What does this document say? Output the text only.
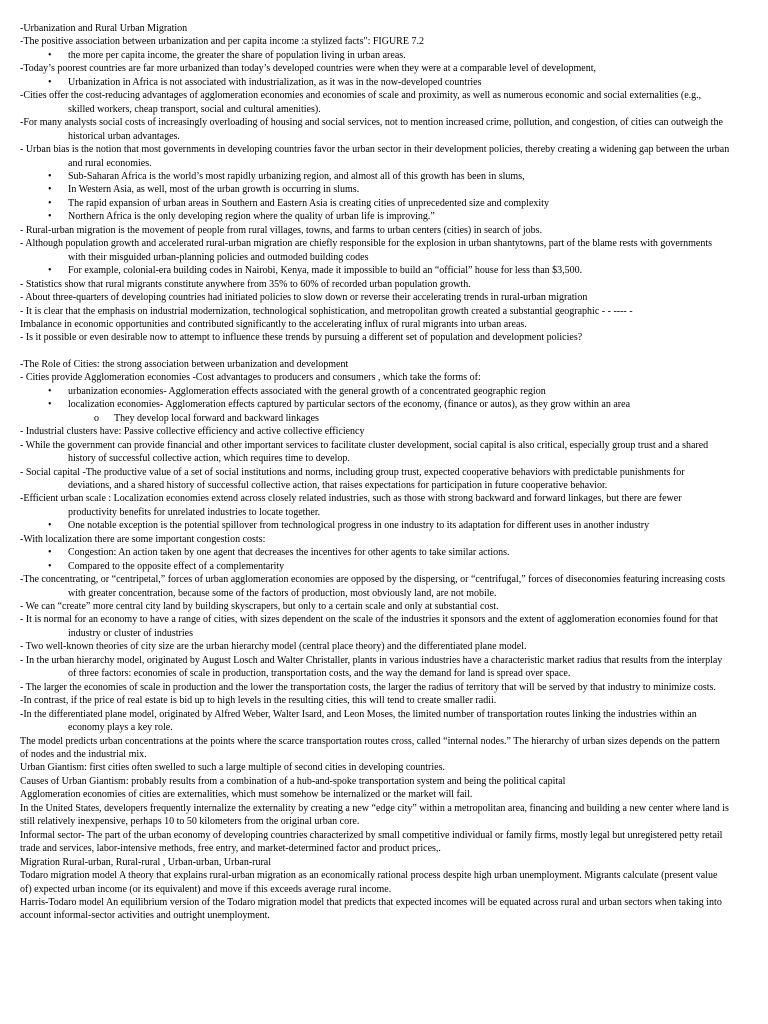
-Urbanization and Rural Urban Migration
-The positive association between urbanization and per capita income :a stylized facts": FIGURE 7.2
• the more per capita income, the greater the share of population living in urban areas.
-Today’s poorest countries are far more urbanized than today’s developed countries were when they were at a comparable level of development,
• Urbanization in Africa is not associated with industrialization, as it was in the now-developed countries
-Cities offer the cost-reducing advantages of agglomeration economies and economies of scale and proximity, as well as numerous economic and social externalities (e.g., skilled workers, cheap transport, social and cultural amenities).
-For many analysts social costs of increasingly overloading of housing and social services, not to mention increased crime, pollution, and congestion, of cities can outweigh the historical urban advantages.
- Urban bias is the notion that most governments in developing countries favor the urban sector in their development policies, thereby creating a widening gap between the urban and rural economies.
• Sub-Saharan Africa is the world’s most rapidly urbanizing region, and almost all of this growth has been in slums,
• In Western Asia, as well, most of the urban growth is occurring in slums.
• The rapid expansion of urban areas in Southern and Eastern Asia is creating cities of unprecedented size and complexity
• Northern Africa is the only developing region where the quality of urban life is improving.”
- Rural-urban migration is the movement of people from rural villages, towns, and farms to urban centers (cities) in search of jobs.
- Although population growth and accelerated rural-urban migration are chiefly responsible for the explosion in urban shantytowns, part of the blame rests with governments with their misguided urban-planning policies and outmoded building codes
• For example, colonial-era building codes in Nairobi, Kenya, made it impossible to build an “official” house for less than $3,500.
- Statistics show that rural migrants constitute anywhere from 35% to 60% of recorded urban population growth.
- About three-quarters of developing countries had initiated policies to slow down or reverse their accelerating trends in rural-urban migration
- It is clear that the emphasis on industrial modernization, technological sophistication, and metropolitan growth created a substantial geographic - - ---- -
Imbalance in economic opportunities and contributed significantly to the accelerating influx of rural migrants into urban areas.
- Is it possible or even desirable now to attempt to influence these trends by pursuing a different set of population and development policies?
-The Role of Cities: the strong association between urbanization and development
- Cities provide Agglomeration economies -Cost advantages to producers and consumers , which take the forms of:
• urbanization economies- Agglomeration effects associated with the general growth of a concentrated geographic region
• localization economies- Agglomeration effects captured by particular sectors of the economy, (finance or autos), as they grow within an area
o They develop local forward and backward linkages
- Industrial clusters have: Passive collective efficiency and active collective efficiency
- While the government can provide financial and other important services to facilitate cluster development, social capital is also critical, especially group trust and a shared history of successful collective action, which requires time to develop.
- Social capital -The productive value of a set of social institutions and norms, including group trust, expected cooperative behaviors with predictable punishments for deviations, and a shared history of successful collective action, that raises expectations for participation in future cooperative behavior.
-Efficient urban scale : Localization economies extend across closely related industries, such as those with strong backward and forward linkages, but there are fewer productivity benefits for unrelated industries to locate together.
• One notable exception is the potential spillover from technological progress in one industry to its adaptation for different uses in another industry
-With localization there are some important congestion costs:
• Congestion: An action taken by one agent that decreases the incentives for other agents to take similar actions.
• Compared to the opposite effect of a complementarity
-The concentrating, or “centripetal,” forces of urban agglomeration economies are opposed by the dispersing, or “centrifugal,” forces of diseconomies featuring increasing costs with greater concentration, because some of the factors of production, most obviously land, are not mobile.
- We can “create” more central city land by building skyscrapers, but only to a certain scale and only at substantial cost.
- It is normal for an economy to have a range of cities, with sizes dependent on the scale of the industries it sponsors and the extent of agglomeration economies found for that industry or cluster of industries
- Two well-known theories of city size are the urban hierarchy model (central place theory) and the differentiated plane model.
- In the urban hierarchy model, originated by August Losch and Walter Christaller, plants in various industries have a characteristic market radius that results from the interplay of three factors: economies of scale in production, transportation costs, and the way the demand for land is spread over space.
- The larger the economies of scale in production and the lower the transportation costs, the larger the radius of territory that will be served by that industry to minimize costs.
-In contrast, if the price of real estate is bid up to high levels in the resulting cities, this will tend to create smaller radii.
-In the differentiated plane model, originated by Alfred Weber, Walter Isard, and Leon Moses, the limited number of transportation routes linking the industries within an economy plays a key role.
The model predicts urban concentrations at the points where the scarce transportation routes cross, called “internal nodes.” The hierarchy of urban sizes depends on the pattern of nodes and the industrial mix.
Urban Giantism: first cities often swelled to such a large multiple of second cities in developing countries.
Causes of Urban Giantism: probably results from a combination of a hub-and-spoke transportation system and being the political capital
Agglomeration economies of cities are externalities, which must somehow be internalized or the market will fail.
In the United States, developers frequently internalize the externality by creating a new “edge city” within a metropolitan area, financing and building a new center where land is still relatively inexpensive, perhaps 10 to 50 kilometers from the original urban core.
Informal sector- The part of the urban economy of developing countries characterized by small competitive individual or family firms, mostly legal but unregistered petty retail trade and services, labor-intensive methods, free entry, and market-determined factor and product prices,.
Migration Rural-urban, Rural-rural , Urban-urban, Urban-rural
Todaro migration model A theory that explains rural-urban migration as an economically rational process despite high urban unemployment. Migrants calculate (present value of) expected urban income (or its equivalent) and move if this exceeds average rural income.
Harris-Todaro model An equilibrium version of the Todaro migration model that predicts that expected incomes will be equated across rural and urban sectors when taking into account informal-sector activities and outright unemployment.
